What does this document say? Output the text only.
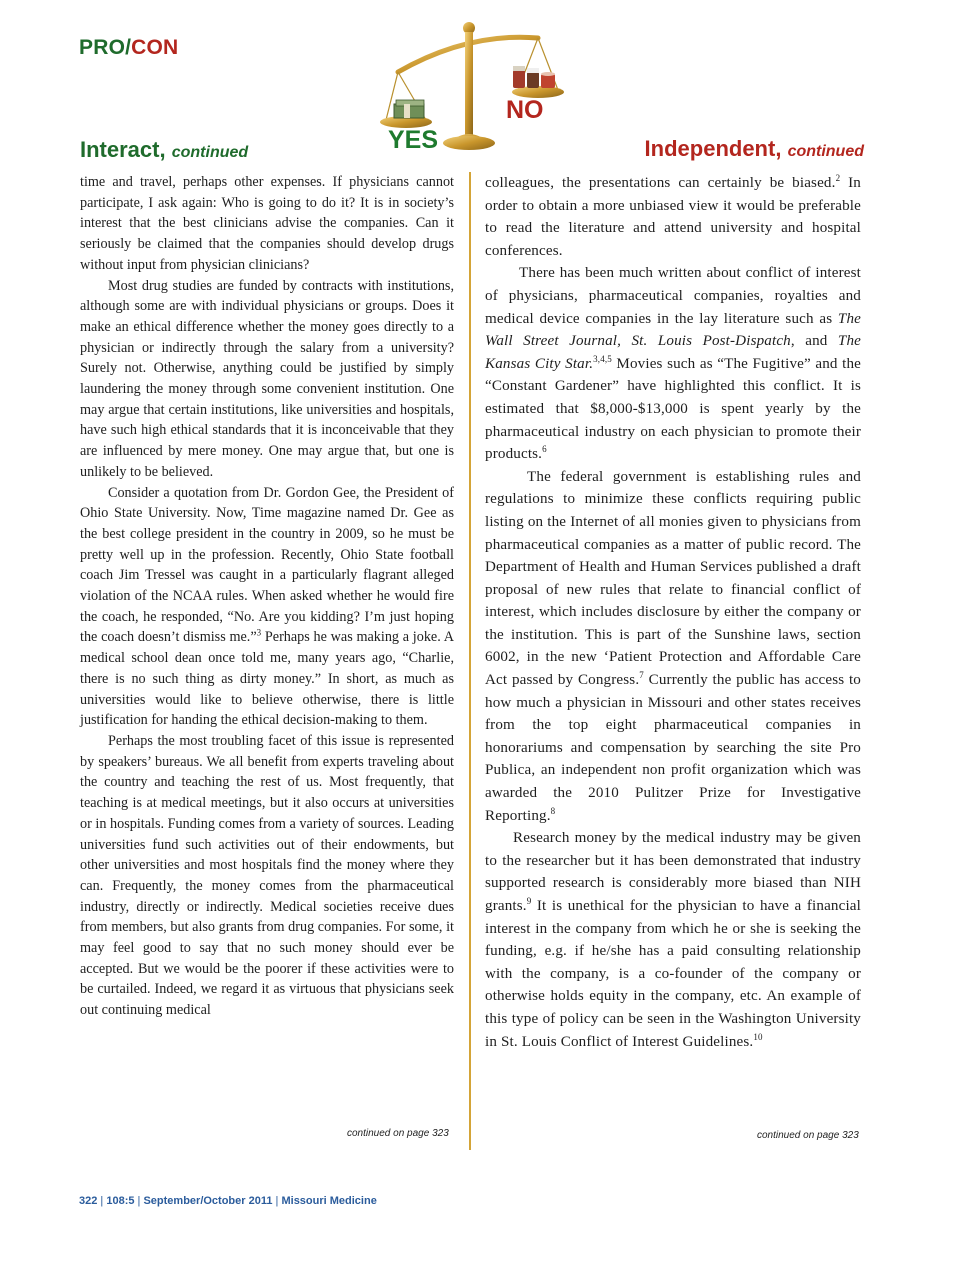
PRO/CON
YES
NO
Interact, continued	Independent, continued

time and travel, perhaps other expenses. If physicians cannot participate, I ask again: Who is going to do it? It is in society’s interest that the best clinicians advise the companies. Can it seriously be claimed that the companies should develop drugs without input from physician clinicians?

Most drug studies are funded by contracts with institutions, although some are with individual physicians or groups. Does it make an ethical difference whether the money goes directly to a physician or indirectly through the salary from a university? Surely not. Otherwise, anything could be justified by simply laundering the money through some convenient institution. One may argue that certain institutions, like universities and hospitals, have such high ethical standards that it is inconceivable that they are influenced by mere money. One may argue that, but one is unlikely to be believed.

Consider a quotation from Dr. Gordon Gee, the President of Ohio State University. Now, Time magazine named Dr. Gee as the best college president in the country in 2009, so he must be pretty well up in the profession. Recently, Ohio State football coach Jim Tressel was caught in a particularly flagrant alleged violation of the NCAA rules. When asked whether he would fire the coach, he responded, “No. Are you kidding? I’m just hoping the coach doesn’t dismiss me.”$^3$ Perhaps he was making a joke. A medical school dean once told me, many years ago, “Charlie, there is no such thing as dirty money.” In short, as much as universities would like to believe otherwise, there is little justification for handing the ethical decision-making to them.

Perhaps the most troubling facet of this issue is represented by speakers’ bureaus. We all benefit from experts traveling about the country and teaching the rest of us. Most frequently, that teaching is at medical meetings, but it also occurs at universities or in hospitals. Funding comes from a variety of sources. Leading universities fund such activities out of their endowments, but other universities and most hospitals find the money where they can. Frequently, the money comes from the pharmaceutical industry, directly or indirectly. Medical societies receive dues from members, but also grants from drug companies. For some, it may feel good to say that no such money should ever be accepted. But we would be the poorer if these activities were to be curtailed. Indeed, we regard it as virtuous that physicians seek out continuing medical

colleagues, the presentations can certainly be biased.$^2$ In order to obtain a more unbiased view it would be preferable to read the literature and attend university and hospital conferences.

There has been much written about conflict of interest of physicians, pharmaceutical companies, royalties and medical device companies in the lay literature such as The Wall Street Journal, St. Louis Post-Dispatch, and The Kansas City Star.$^{3,4,5}$ Movies such as “The Fugitive” and the “Constant Gardener” have highlighted this conflict. It is estimated that $8,000-$13,000 is spent yearly by the pharmaceutical industry on each physician to promote their products.$^6$

The federal government is establishing rules and regulations to minimize these conflicts requiring public listing on the Internet of all monies given to physicians from pharmaceutical companies as a matter of public record. The Department of Health and Human Services published a draft proposal of new rules that relate to financial conflict of interest, which includes disclosure by either the company or the institution. This is part of the Sunshine laws, section 6002, in the new ‘Patient Protection and Affordable Care Act passed by Congress.$^7$ Currently the public has access to how much a physician in Missouri and other states receives from the top eight pharmaceutical companies in honorariums and compensation by searching the site Pro Publica, an independent non profit organization which was awarded the 2010 Pulitzer Prize for Investigative Reporting.$^8$

Research money by the medical industry may be given to the researcher but it has been demonstrated that industry supported research is considerably more biased than NIH grants.$^9$ It is unethical for the physician to have a financial interest in the company from which he or she is seeking the funding, e.g. if he/she has a paid consulting relationship with the company, is a co-founder of the company or otherwise holds equity in the company, etc. An example of this type of policy can be seen in the Washington University in St. Louis Conflict of Interest Guidelines.$^{10}$

continued on page 323	continued on page 323
322 | 108:5 | September/October 2011 | Missouri Medicine
